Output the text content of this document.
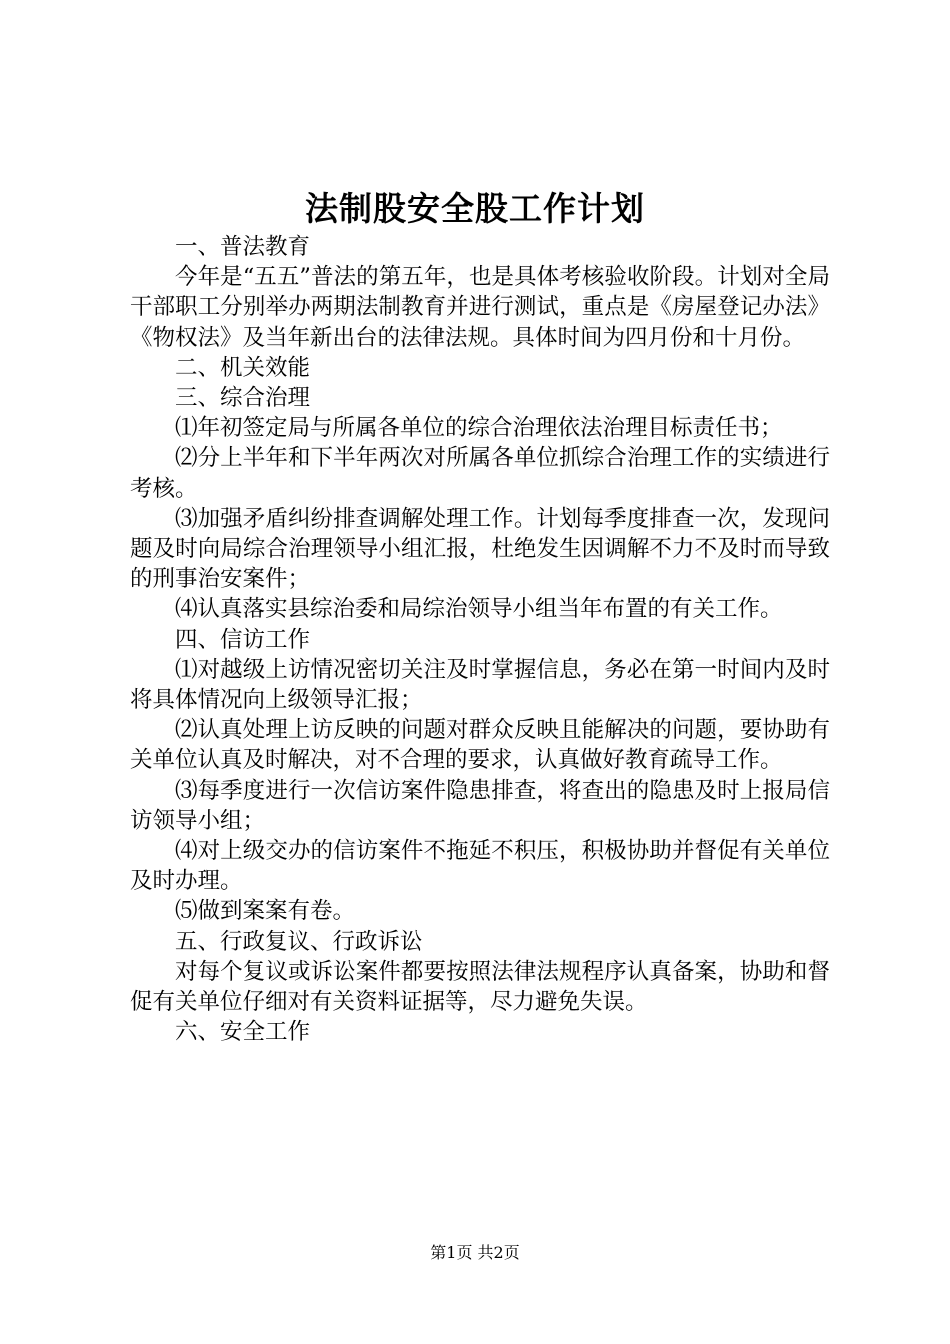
法制股安全股工作计划

一、普法教育

今年是“五五”普法的第五年，也是具体考核验收阶段。计划对全局干部职工分别举办两期法制教育并进行测试，重点是《房屋登记办法》《物权法》及当年新出台的法律法规。具体时间为四月份和十月份。

二、机关效能

三、综合治理

⑴年初签定局与所属各单位的综合治理依法治理目标责任书；

⑵分上半年和下半年两次对所属各单位抓综合治理工作的实绩进行考核。

⑶加强矛盾纠纷排查调解处理工作。计划每季度排查一次，发现问题及时向局综合治理领导小组汇报，杜绝发生因调解不力不及时而导致的刑事治安案件；

⑷认真落实县综治委和局综治领导小组当年布置的有关工作。

四、信访工作

⑴对越级上访情况密切关注及时掌握信息，务必在第一时间内及时将具体情况向上级领导汇报；

⑵认真处理上访反映的问题对群众反映且能解决的问题，要协助有关单位认真及时解决，对不合理的要求，认真做好教育疏导工作。

⑶每季度进行一次信访案件隐患排查，将查出的隐患及时上报局信访领导小组；

⑷对上级交办的信访案件不拖延不积压，积极协助并督促有关单位及时办理。

⑸做到案案有卷。

五、行政复议、行政诉讼

对每个复议或诉讼案件都要按照法律法规程序认真备案，协助和督促有关单位仔细对有关资料证据等，尽力避免失误。

六、安全工作

第1页 共2页
